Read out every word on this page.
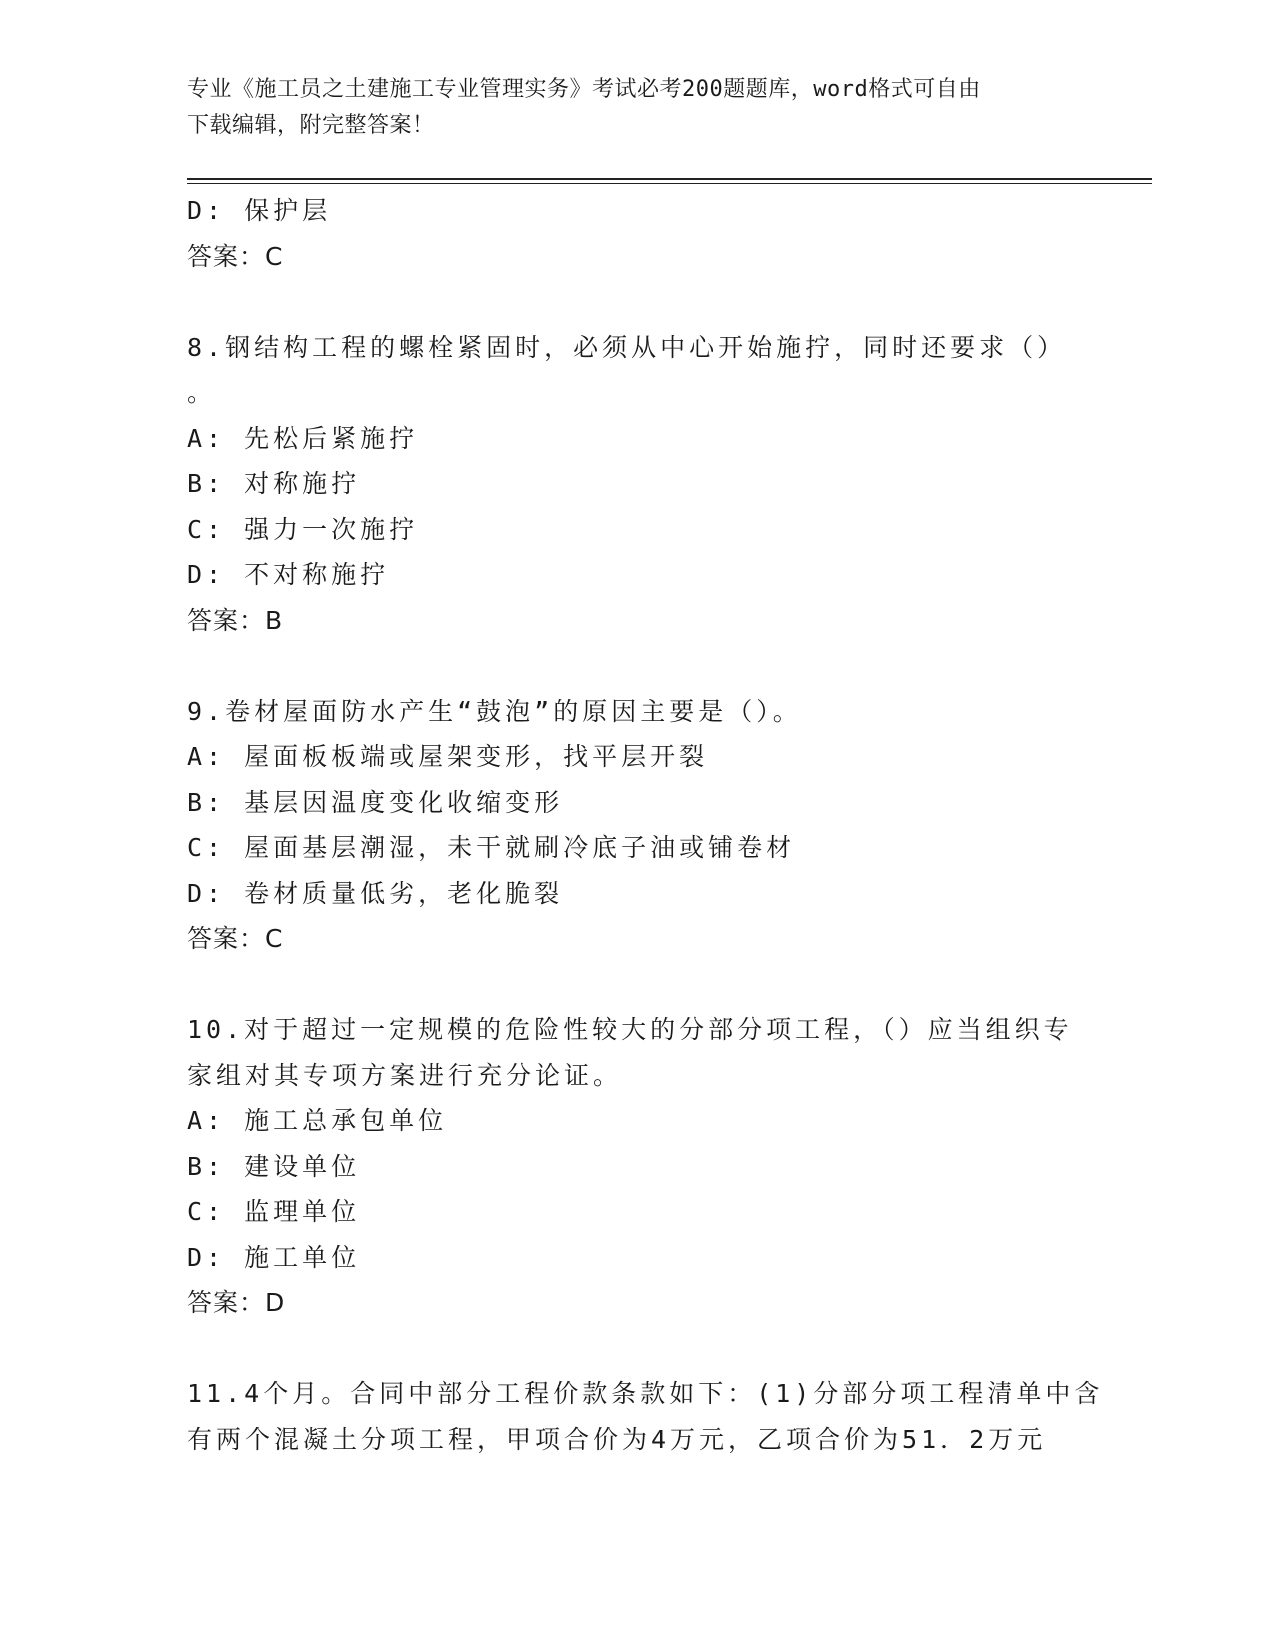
专业《施工员之土建施工专业管理实务》考试必考200题题库，word格式可自由
下载编辑，附完整答案！
D: 保护层
答案：C
8.钢结构工程的螺栓紧固时，必须从中心开始施拧，同时还要求（）
。
A: 先松后紧施拧
B: 对称施拧
C: 强力一次施拧
D: 不对称施拧
答案：B
9.卷材屋面防水产生“鼓泡”的原因主要是（）。
A: 屋面板板端或屋架变形，找平层开裂
B: 基层因温度变化收缩变形
C: 屋面基层潮湿，未干就刷冷底子油或铺卷材
D: 卷材质量低劣，老化脆裂
答案：C
10.对于超过一定规模的危险性较大的分部分项工程，（）应当组织专
家组对其专项方案进行充分论证。
A: 施工总承包单位
B: 建设单位
C: 监理单位
D: 施工单位
答案：D
11.4个月。合同中部分工程价款条款如下：(1)分部分项工程清单中含
有两个混凝土分项工程，甲项合价为4万元，乙项合价为51．2万元
